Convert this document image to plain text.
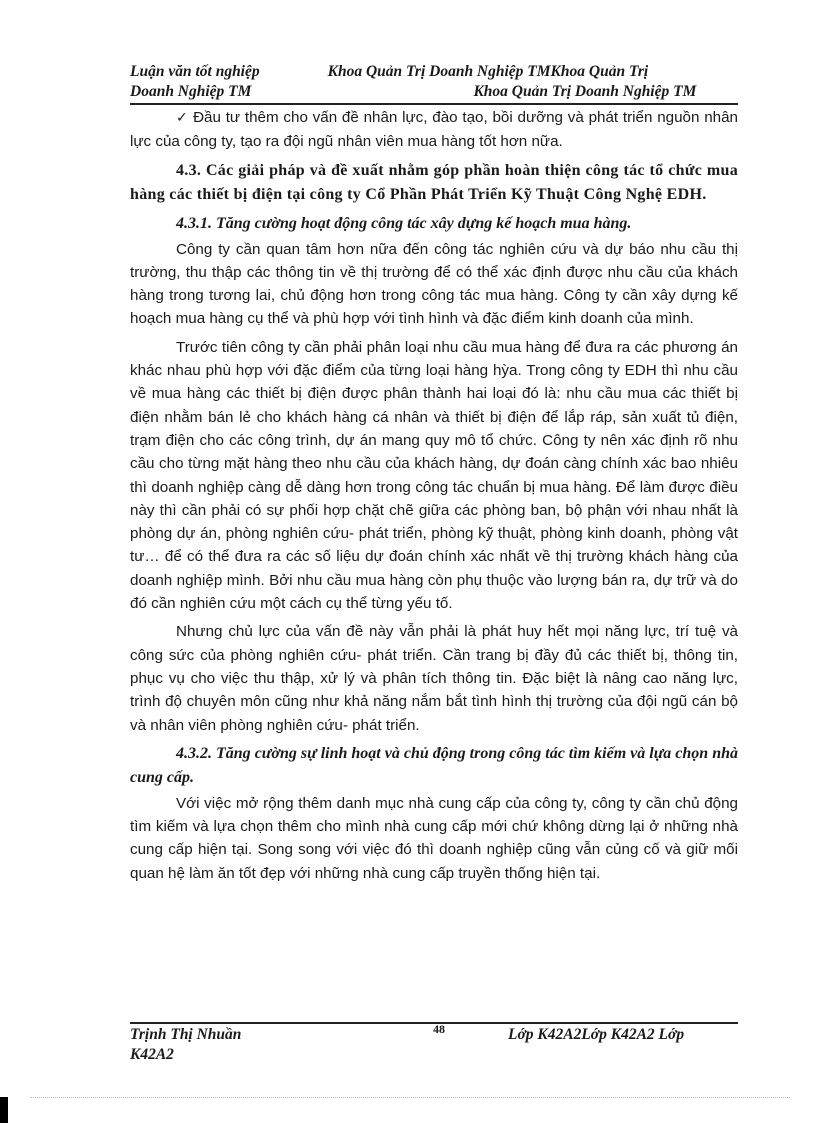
Luận văn tốt nghiệp	Khoa Quản Trị Doanh Nghiệp TMKhoa Quản Trị
Doanh Nghiệp TM	Khoa Quản Trị Doanh Nghiệp TM

✓ Đầu tư thêm cho vấn đề nhân lực, đào tạo, bồi dưỡng và phát triển nguồn nhân lực của công ty, tạo ra đội ngũ nhân viên mua hàng tốt hơn nữa.

4.3. Các giải pháp và đề xuất nhằm góp phần hoàn thiện công tác tổ chức mua hàng các thiết bị điện tại công ty Cổ Phần Phát Triển Kỹ Thuật Công Nghệ EDH.

4.3.1. Tăng cường hoạt động công tác xây dựng kế hoạch mua hàng.

Công ty cần quan tâm hơn nữa đến công tác nghiên cứu và dự báo nhu cầu thị trường, thu thập các thông tin về thị trường để có thể xác định được nhu cầu của khách hàng trong tương lai, chủ động hơn trong công tác mua hàng. Công ty cần xây dựng kế hoạch mua hàng cụ thể và phù hợp với tình hình và đặc điểm kinh doanh của mình.

Trước tiên công ty cần phải phân loại nhu cầu mua hàng để đưa ra các phương án khác nhau phù hợp với đặc điểm của từng loại hàng hỳa. Trong công ty EDH thì nhu cầu về mua hàng các thiết bị điện được phân thành hai loại đó là: nhu cầu mua các thiết bị điện nhằm bán lẻ cho khách hàng cá nhân và thiết bị điện để lắp ráp, sản xuất tủ điện, trạm điện cho các công trình, dự án mang quy mô tổ chức. Công ty nên xác định rõ nhu cầu cho từng mặt hàng theo nhu cầu của khách hàng, dự đoán càng chính xác bao nhiêu thì doanh nghiệp càng dễ dàng hơn trong công tác chuẩn bị mua hàng. Để làm được điều này thì cần phải có sự phối hợp chặt chẽ giữa các phòng ban, bộ phận với nhau nhất là phòng dự án, phòng nghiên cứu- phát triển, phòng kỹ thuật, phòng kinh doanh, phòng vật tư… để có thể đưa ra các số liệu dự đoán chính xác nhất về thị trường khách hàng của doanh nghiệp mình. Bởi nhu cầu mua hàng còn phụ thuộc vào lượng bán ra, dự trữ và do đó cần nghiên cứu một cách cụ thể từng yếu tố.

Nhưng chủ lực của vấn đề này vẫn phải là phát huy hết mọi năng lực, trí tuệ và công sức của phòng nghiên cứu- phát triển. Cần trang bị đầy đủ các thiết bị, thông tin, phục vụ cho việc thu thập, xử lý và phân tích thông tin. Đặc biệt là nâng cao năng lực, trình độ chuyên môn cũng như khả năng nắm bắt tình hình thị trường của đội ngũ cán bộ và nhân viên phòng nghiên cứu- phát triển.

4.3.2. Tăng cường sự linh hoạt và chủ động trong công tác tìm kiếm và lựa chọn nhà cung cấp.

Với việc mở rộng thêm danh mục nhà cung cấp của công ty, công ty cần chủ động tìm kiếm và lựa chọn thêm cho mình nhà cung cấp mới chứ không dừng lại ở những nhà cung cấp hiện tại. Song song với việc đó thì doanh nghiệp cũng vẫn củng cố và giữ mối quan hệ làm ăn tốt đẹp với những nhà cung cấp truyền thống hiện tại.

48
Trịnh Thị Nhuần	Lớp K42A2Lớp K42A2 Lớp
K42A2
